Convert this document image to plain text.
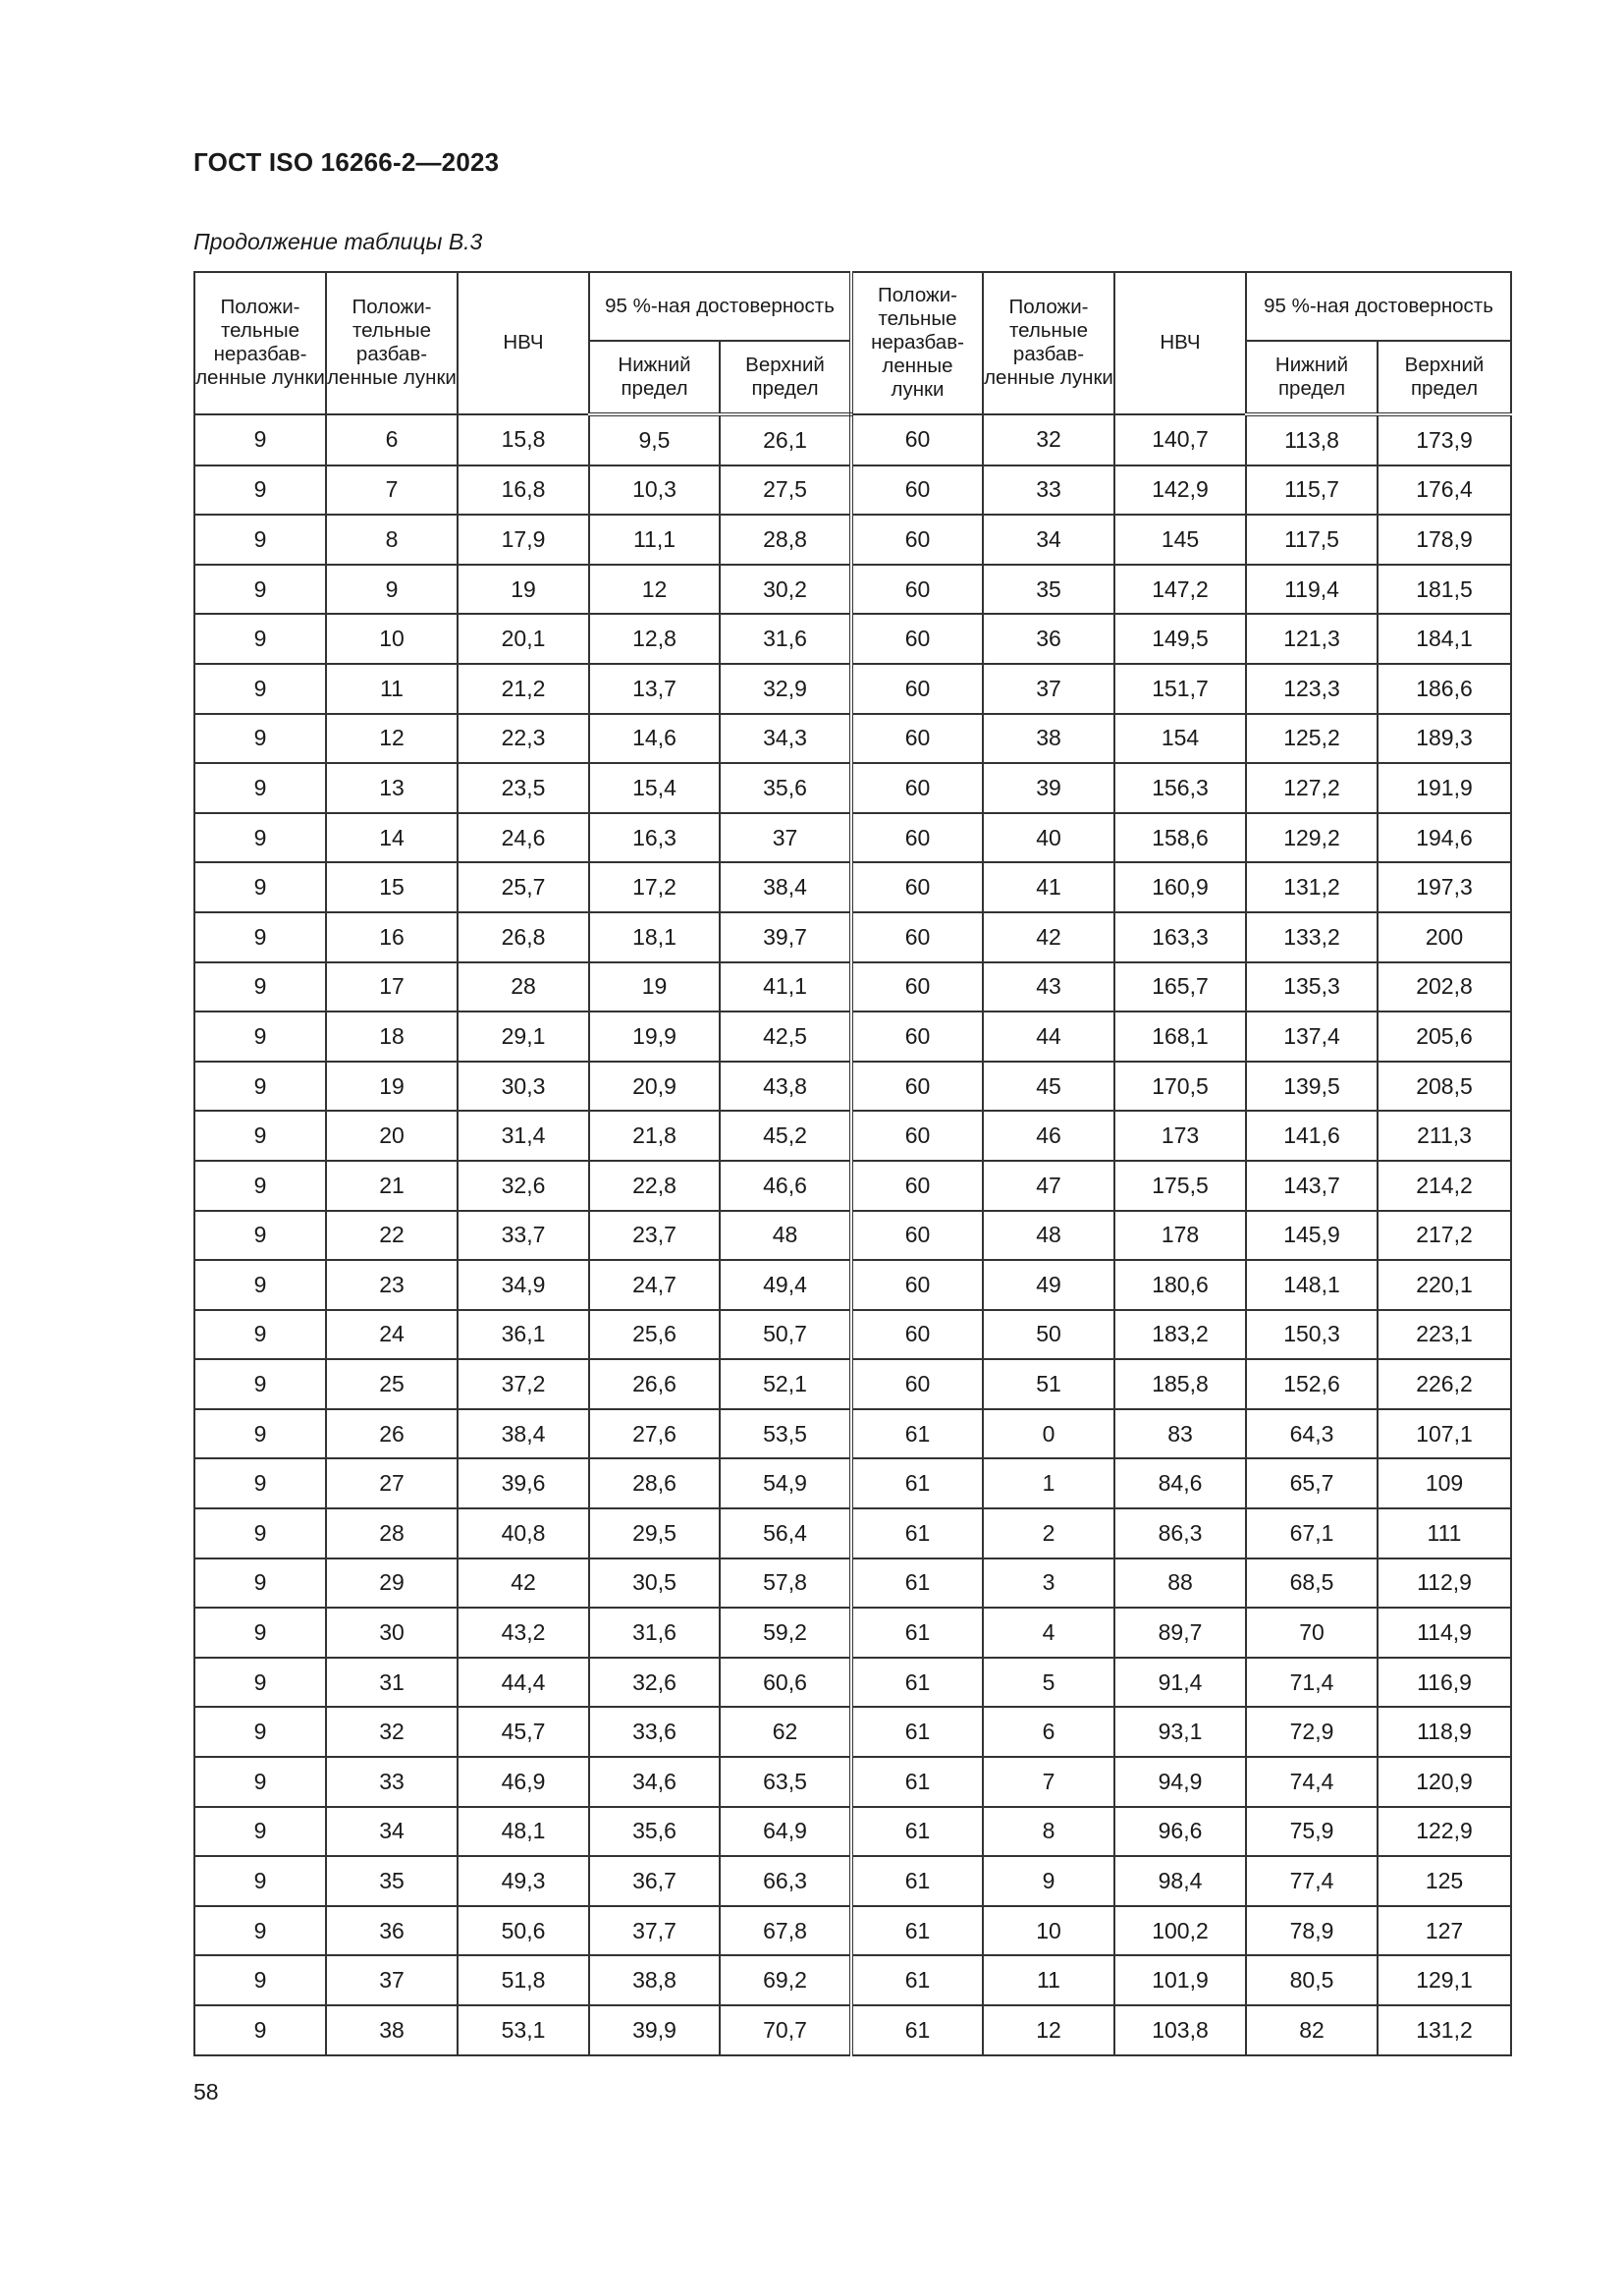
ГОСТ ISO 16266-2—2023
Продолжение таблицы В.3
Положи-тельные неразбав-ленные лунки	Положи-тельные разбав-ленные лунки	НВЧ	95 %-ная достоверность		Положи-тельные неразбав-ленные лунки	Положи-тельные разбав-ленные лунки	НВЧ	95 %-ная достоверность	
			Нижний предел	Верхний предел				Нижний предел	Верхний предел
9	6	15,8	9,5	26,1	60	32	140,7	113,8	173,9
9	7	16,8	10,3	27,5	60	33	142,9	115,7	176,4
9	8	17,9	11,1	28,8	60	34	145	117,5	178,9
9	9	19	12	30,2	60	35	147,2	119,4	181,5
9	10	20,1	12,8	31,6	60	36	149,5	121,3	184,1
9	11	21,2	13,7	32,9	60	37	151,7	123,3	186,6
9	12	22,3	14,6	34,3	60	38	154	125,2	189,3
9	13	23,5	15,4	35,6	60	39	156,3	127,2	191,9
9	14	24,6	16,3	37	60	40	158,6	129,2	194,6
9	15	25,7	17,2	38,4	60	41	160,9	131,2	197,3
9	16	26,8	18,1	39,7	60	42	163,3	133,2	200
9	17	28	19	41,1	60	43	165,7	135,3	202,8
9	18	29,1	19,9	42,5	60	44	168,1	137,4	205,6
9	19	30,3	20,9	43,8	60	45	170,5	139,5	208,5
9	20	31,4	21,8	45,2	60	46	173	141,6	211,3
9	21	32,6	22,8	46,6	60	47	175,5	143,7	214,2
9	22	33,7	23,7	48	60	48	178	145,9	217,2
9	23	34,9	24,7	49,4	60	49	180,6	148,1	220,1
9	24	36,1	25,6	50,7	60	50	183,2	150,3	223,1
9	25	37,2	26,6	52,1	60	51	185,8	152,6	226,2
9	26	38,4	27,6	53,5	61	0	83	64,3	107,1
9	27	39,6	28,6	54,9	61	1	84,6	65,7	109
9	28	40,8	29,5	56,4	61	2	86,3	67,1	111
9	29	42	30,5	57,8	61	3	88	68,5	112,9
9	30	43,2	31,6	59,2	61	4	89,7	70	114,9
9	31	44,4	32,6	60,6	61	5	91,4	71,4	116,9
9	32	45,7	33,6	62	61	6	93,1	72,9	118,9
9	33	46,9	34,6	63,5	61	7	94,9	74,4	120,9
9	34	48,1	35,6	64,9	61	8	96,6	75,9	122,9
9	35	49,3	36,7	66,3	61	9	98,4	77,4	125
9	36	50,6	37,7	67,8	61	10	100,2	78,9	127
9	37	51,8	38,8	69,2	61	11	101,9	80,5	129,1
9	38	53,1	39,9	70,7	61	12	103,8	82	131,2
58
